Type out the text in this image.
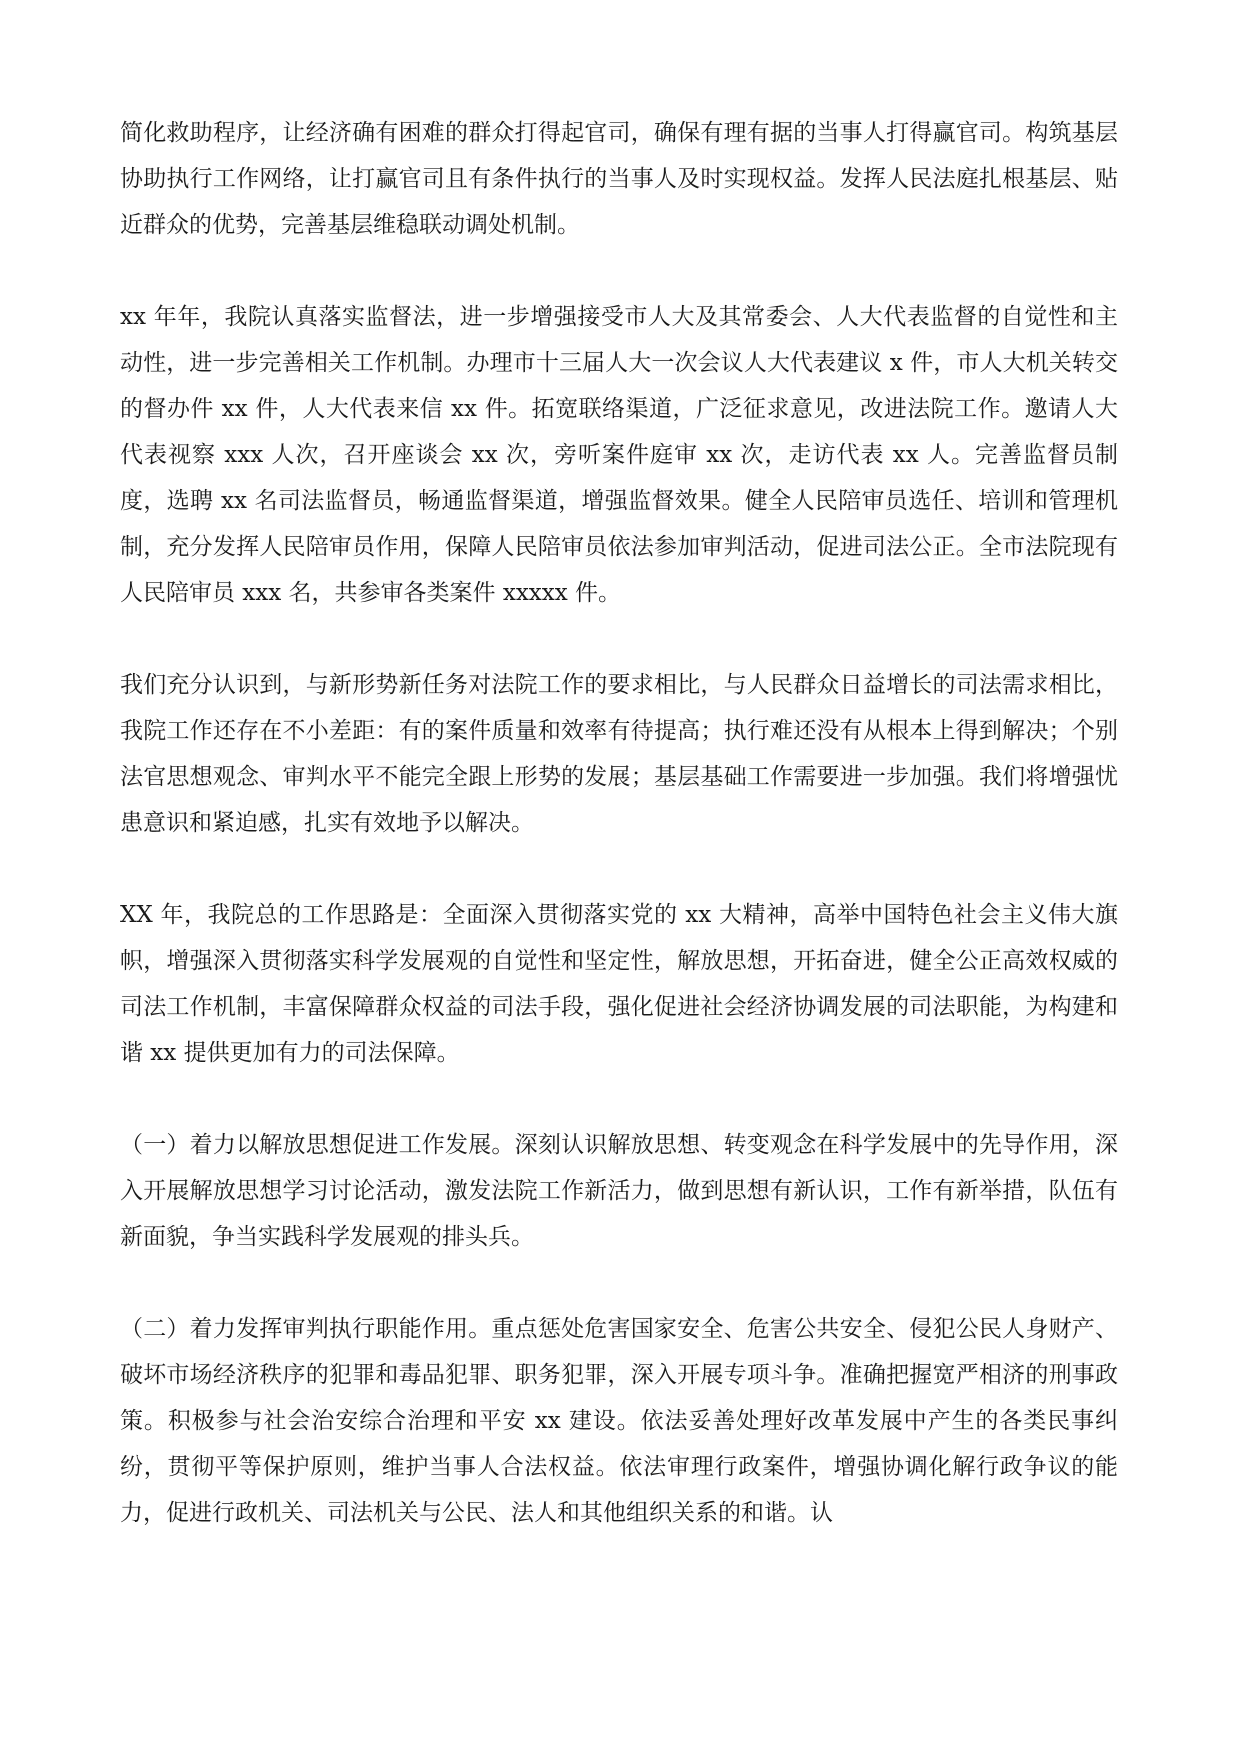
简化救助程序，让经济确有困难的群众打得起官司，确保有理有据的当事人打得赢官司。构筑基层协助执行工作网络，让打赢官司且有条件执行的当事人及时实现权益。发挥人民法庭扎根基层、贴近群众的优势，完善基层维稳联动调处机制。

xx 年年，我院认真落实监督法，进一步增强接受市人大及其常委会、人大代表监督的自觉性和主动性，进一步完善相关工作机制。办理市十三届人大一次会议人大代表建议 x 件，市人大机关转交的督办件 xx 件，人大代表来信 xx 件。拓宽联络渠道，广泛征求意见，改进法院工作。邀请人大代表视察 xxx 人次，召开座谈会 xx 次，旁听案件庭审 xx 次，走访代表 xx 人。完善监督员制度，选聘 xx 名司法监督员，畅通监督渠道，增强监督效果。健全人民陪审员选任、培训和管理机制，充分发挥人民陪审员作用，保障人民陪审员依法参加审判活动，促进司法公正。全市法院现有人民陪审员 xxx 名，共参审各类案件 xxxxx 件。

我们充分认识到，与新形势新任务对法院工作的要求相比，与人民群众日益增长的司法需求相比，我院工作还存在不小差距：有的案件质量和效率有待提高；执行难还没有从根本上得到解决；个别法官思想观念、审判水平不能完全跟上形势的发展；基层基础工作需要进一步加强。我们将增强忧患意识和紧迫感，扎实有效地予以解决。

XX 年，我院总的工作思路是：全面深入贯彻落实党的 xx 大精神，高举中国特色社会主义伟大旗帜，增强深入贯彻落实科学发展观的自觉性和坚定性，解放思想，开拓奋进，健全公正高效权威的司法工作机制，丰富保障群众权益的司法手段，强化促进社会经济协调发展的司法职能，为构建和谐 xx 提供更加有力的司法保障。

（一）着力以解放思想促进工作发展。深刻认识解放思想、转变观念在科学发展中的先导作用，深入开展解放思想学习讨论活动，激发法院工作新活力，做到思想有新认识，工作有新举措，队伍有新面貌，争当实践科学发展观的排头兵。

（二）着力发挥审判执行职能作用。重点惩处危害国家安全、危害公共安全、侵犯公民人身财产、破坏市场经济秩序的犯罪和毒品犯罪、职务犯罪，深入开展专项斗争。准确把握宽严相济的刑事政策。积极参与社会治安综合治理和平安 xx 建设。依法妥善处理好改革发展中产生的各类民事纠纷，贯彻平等保护原则，维护当事人合法权益。依法审理行政案件，增强协调化解行政争议的能力，促进行政机关、司法机关与公民、法人和其他组织关系的和谐。认
